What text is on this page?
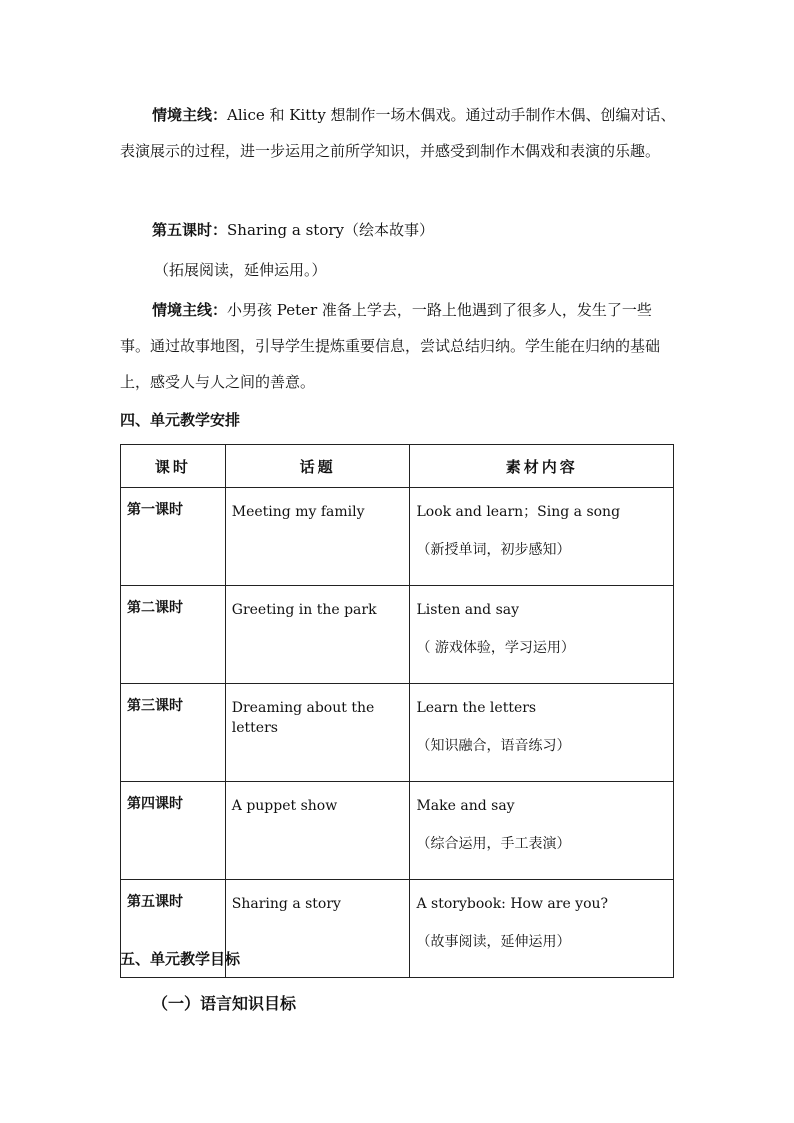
情境主线：Alice 和 Kitty 想制作一场木偶戏。通过动手制作木偶、创编对话、表演展示的过程，进一步运用之前所学知识，并感受到制作木偶戏和表演的乐趣。

第五课时：Sharing a story（绘本故事）

（拓展阅读，延伸运用。）

情境主线：小男孩 Peter 准备上学去，一路上他遇到了很多人，发生了一些事。通过故事地图，引导学生提炼重要信息，尝试总结归纳。学生能在归纳的基础上，感受人与人之间的善意。

四、单元教学安排

课时	话题	素材内容
第一课时	Meeting my family	Look and learn；Sing a song
（新授单词，初步感知）

第二课时	Greeting in the park	Listen and say
（ 游戏体验，学习运用）

第三课时	Dreaming about the letters	Learn the letters
（知识融合，语音练习）

第四课时	A puppet show	Make and say
（综合运用，手工表演）

第五课时	Sharing a story	A storybook: How are you?
（故事阅读，延伸运用）

五、单元教学目标

（一）语言知识目标
